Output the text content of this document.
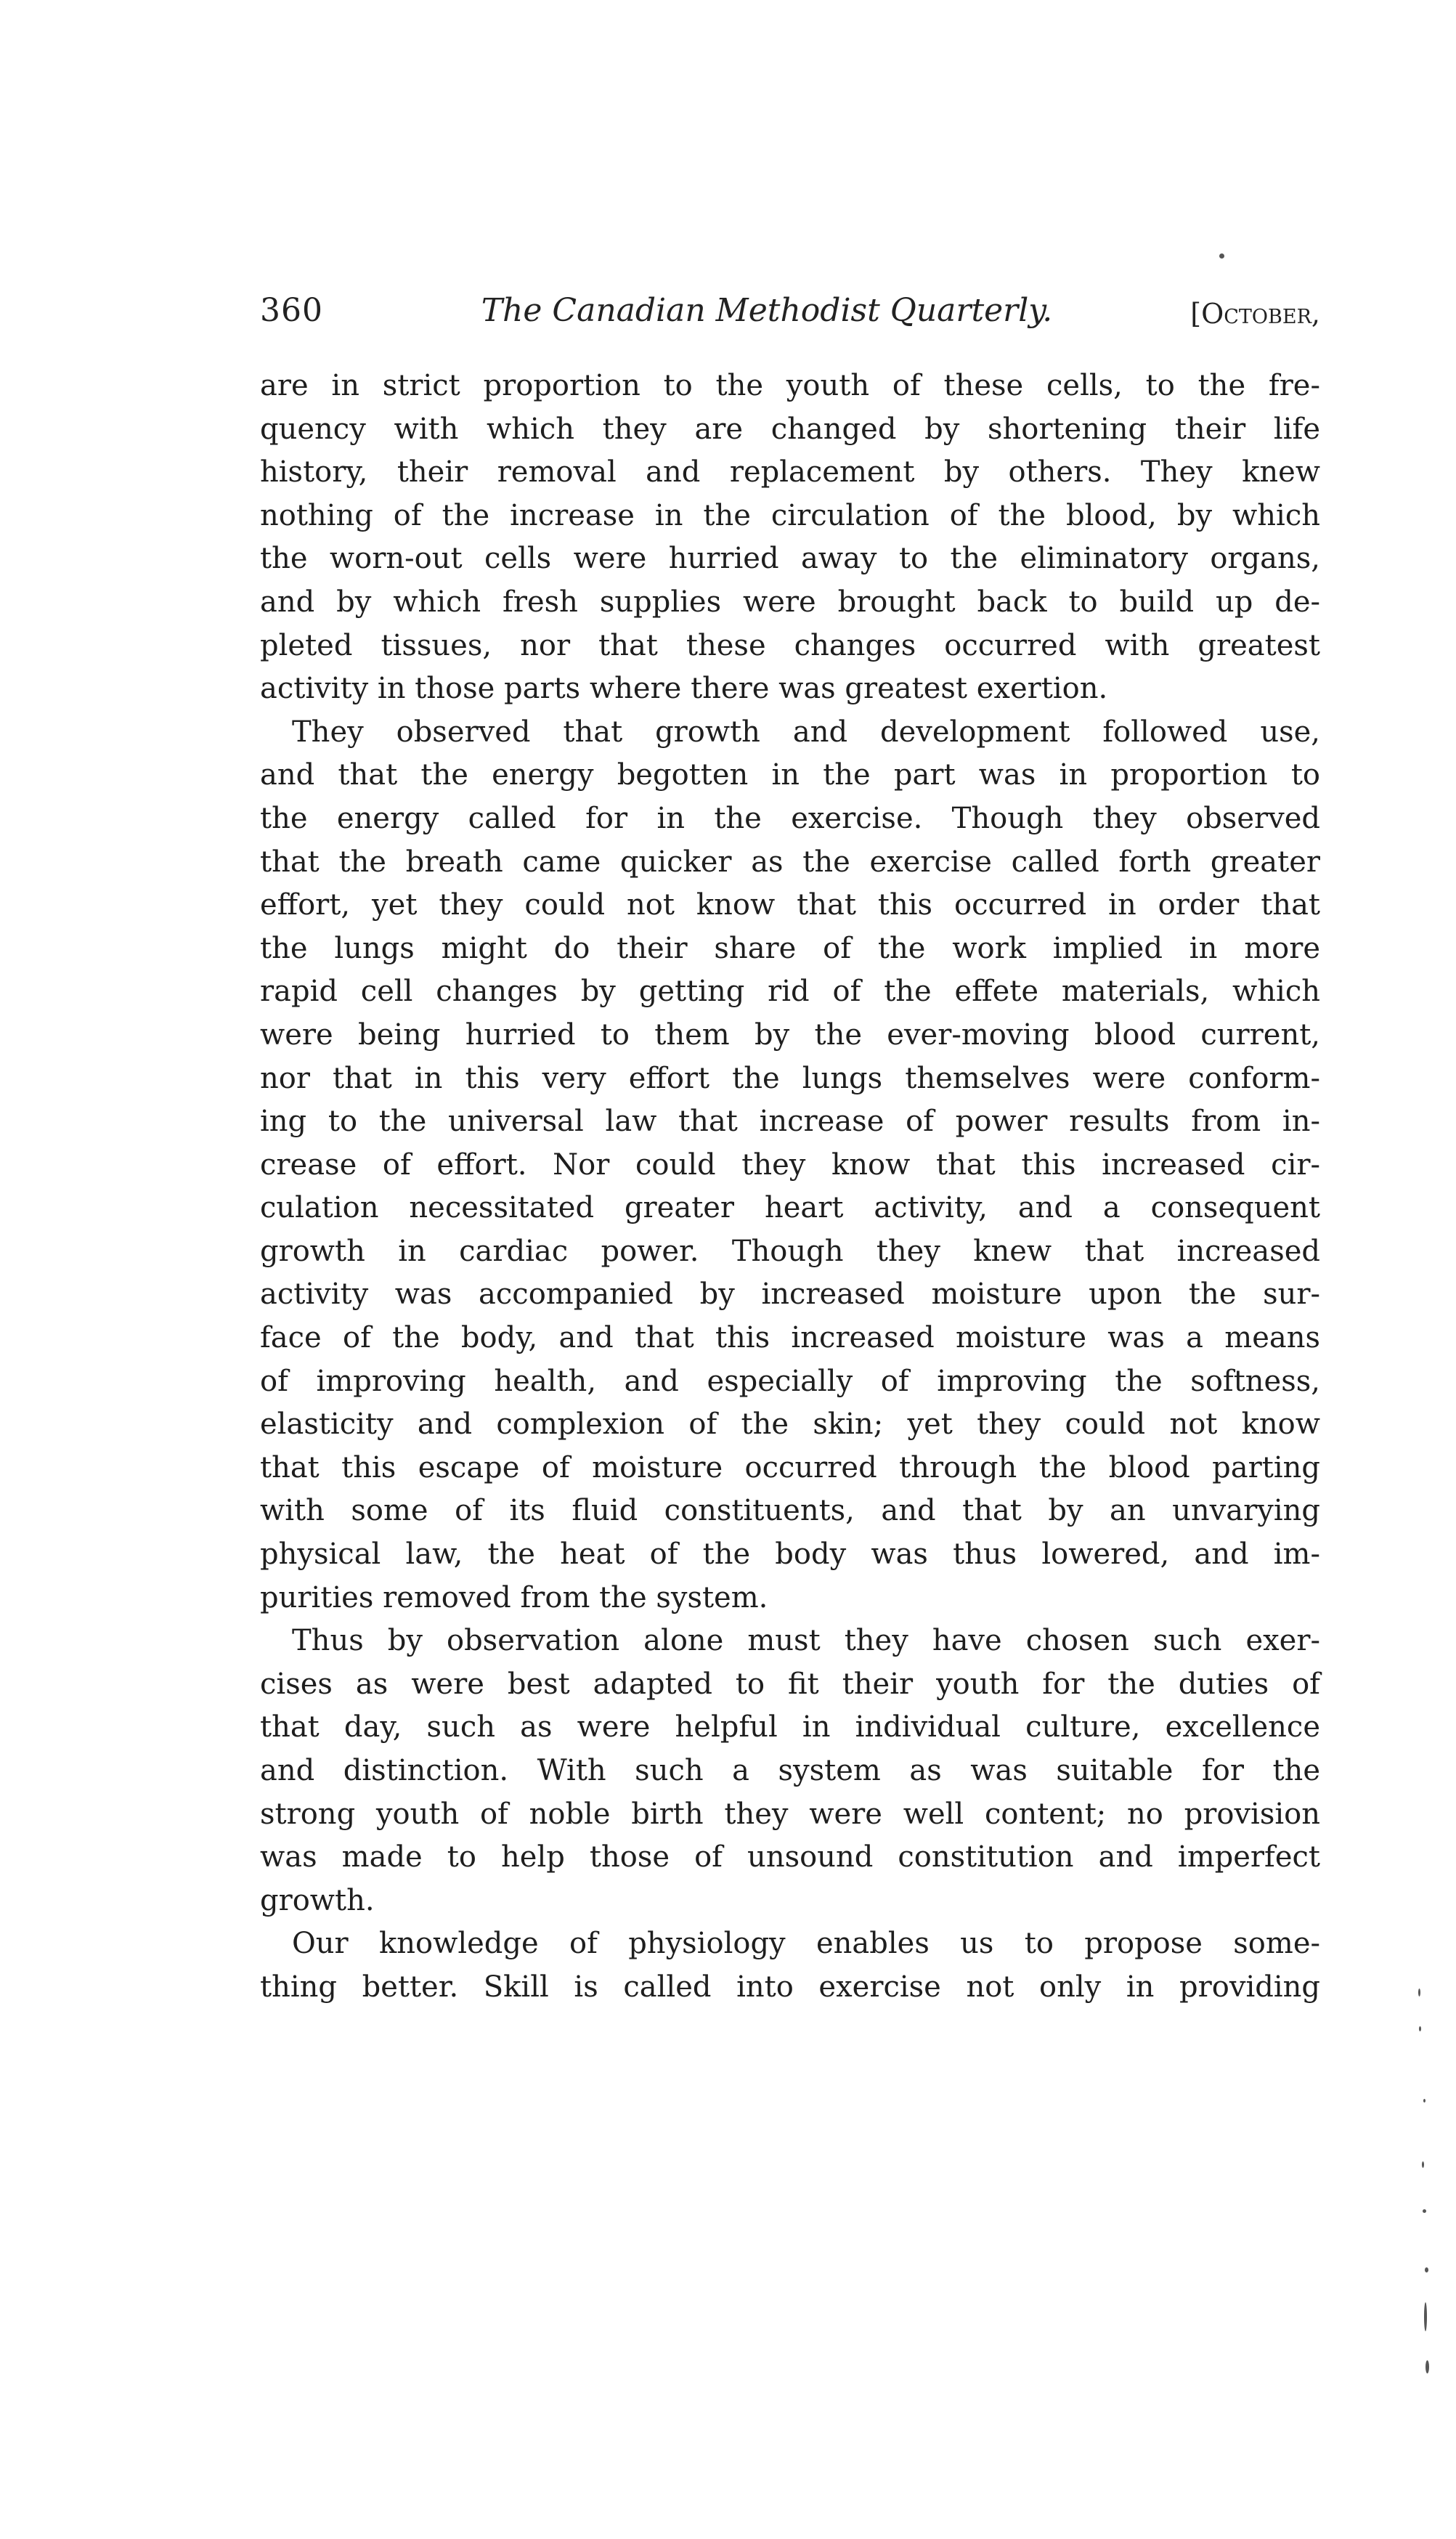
360	The Canadian Methodist Quarterly.	[October,
are in strict proportion to the youth of these cells, to the fre-
quency with which they are changed by shortening their life
history, their removal and replacement by others. They knew
nothing of the increase in the circulation of the blood, by which
the worn-out cells were hurried away to the eliminatory organs,
and by which fresh supplies were brought back to build up de-
pleted tissues, nor that these changes occurred with greatest
activity in those parts where there was greatest exertion.
They observed that growth and development followed use,
and that the energy begotten in the part was in proportion to
the energy called for in the exercise. Though they observed
that the breath came quicker as the exercise called forth greater
effort, yet they could not know that this occurred in order that
the lungs might do their share of the work implied in more
rapid cell changes by getting rid of the effete materials, which
were being hurried to them by the ever-moving blood current,
nor that in this very effort the lungs themselves were conform-
ing to the universal law that increase of power results from in-
crease of effort. Nor could they know that this increased cir-
culation necessitated greater heart activity, and a consequent
growth in cardiac power. Though they knew that increased
activity was accompanied by increased moisture upon the sur-
face of the body, and that this increased moisture was a means
of improving health, and especially of improving the softness,
elasticity and complexion of the skin; yet they could not know
that this escape of moisture occurred through the blood parting
with some of its fluid constituents, and that by an unvarying
physical law, the heat of the body was thus lowered, and im-
purities removed from the system.
Thus by observation alone must they have chosen such exer-
cises as were best adapted to fit their youth for the duties of
that day, such as were helpful in individual culture, excellence
and distinction. With such a system as was suitable for the
strong youth of noble birth they were well content; no provision
was made to help those of unsound constitution and imperfect
growth.
Our knowledge of physiology enables us to propose some-
thing better. Skill is called into exercise not only in providing
